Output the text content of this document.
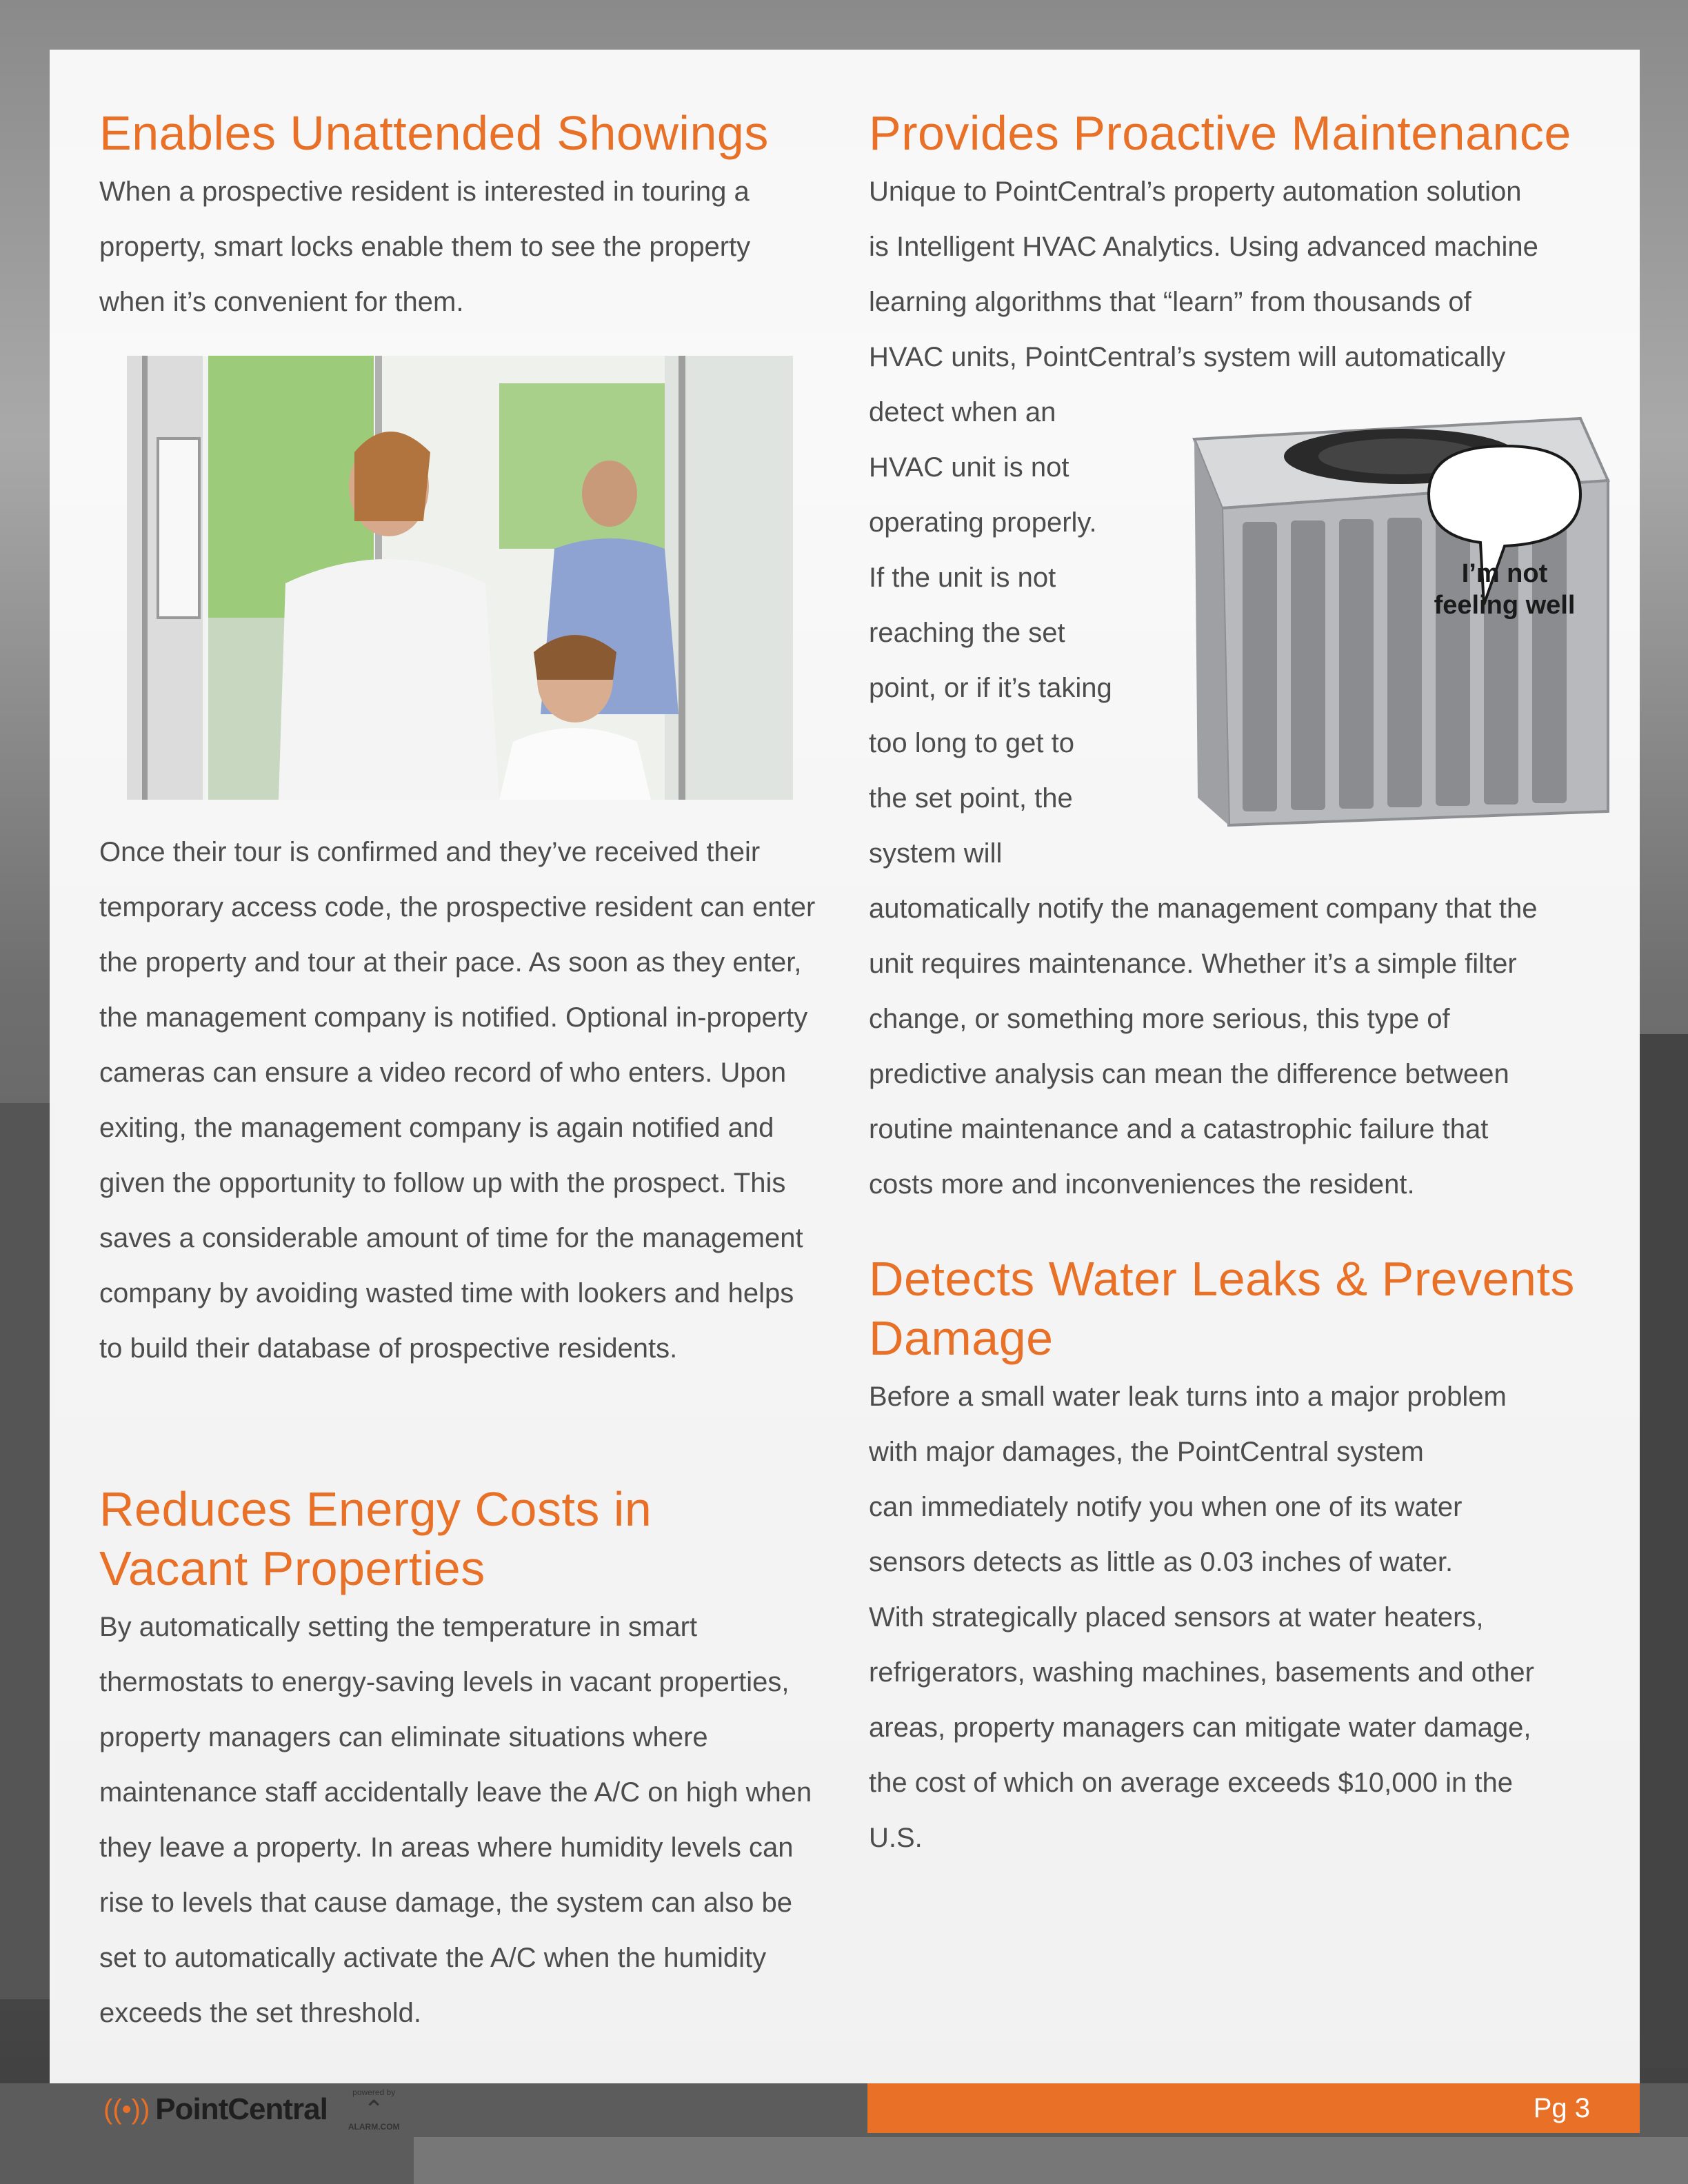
Enables Unattended Showings

When a prospective resident is interested in touring a property, smart locks enable them to see the property when it’s convenient for them.

Once their tour is confirmed and they’ve received their temporary access code, the prospective resident can enter the property and tour at their pace. As soon as they enter, the management company is notified. Optional in-property cameras can ensure a video record of who enters. Upon exiting, the management company is again notified and given the opportunity to follow up with the prospect. This saves a considerable amount of time for the management company by avoiding wasted time with lookers and helps to build their database of prospective residents.

Reduces Energy Costs in Vacant Properties

By automatically setting the temperature in smart thermostats to energy-saving levels in vacant properties, property managers can eliminate situations where maintenance staff accidentally leave the A/C on high when they leave a property. In areas where humidity levels can rise to levels that cause damage, the system can also be set to automatically activate the A/C when the humidity exceeds the set threshold.

Provides Proactive Maintenance

Unique to PointCentral’s property automation solution
is Intelligent HVAC Analytics. Using advanced machine
learning algorithms that “learn” from thousands of
HVAC units, PointCentral’s system will automatically

detect when an
HVAC unit is not
operating properly.
If the unit is not
reaching the set
point, or if it’s taking
too long to get to
the set point, the
system will

automatically notify the management company that the
unit requires maintenance. Whether it’s a simple filter
change, or something more serious, this type of
predictive analysis can mean the difference between
routine maintenance and a catastrophic failure that
costs more and inconveniences the resident.

Detects Water Leaks & Prevents Damage

Before a small water leak turns into a major problem
with major damages, the PointCentral system
can immediately notify you when one of its water
sensors detects as little as 0.03 inches of water.
With strategically placed sensors at water heaters,
refrigerators, washing machines, basements and other
areas, property managers can mitigate water damage,
the cost of which on average exceeds $10,000 in the
U.S.

I’m not feeling well
((•)) PointCentral	powered by
⌃
ALARM.COM
Pg 3
